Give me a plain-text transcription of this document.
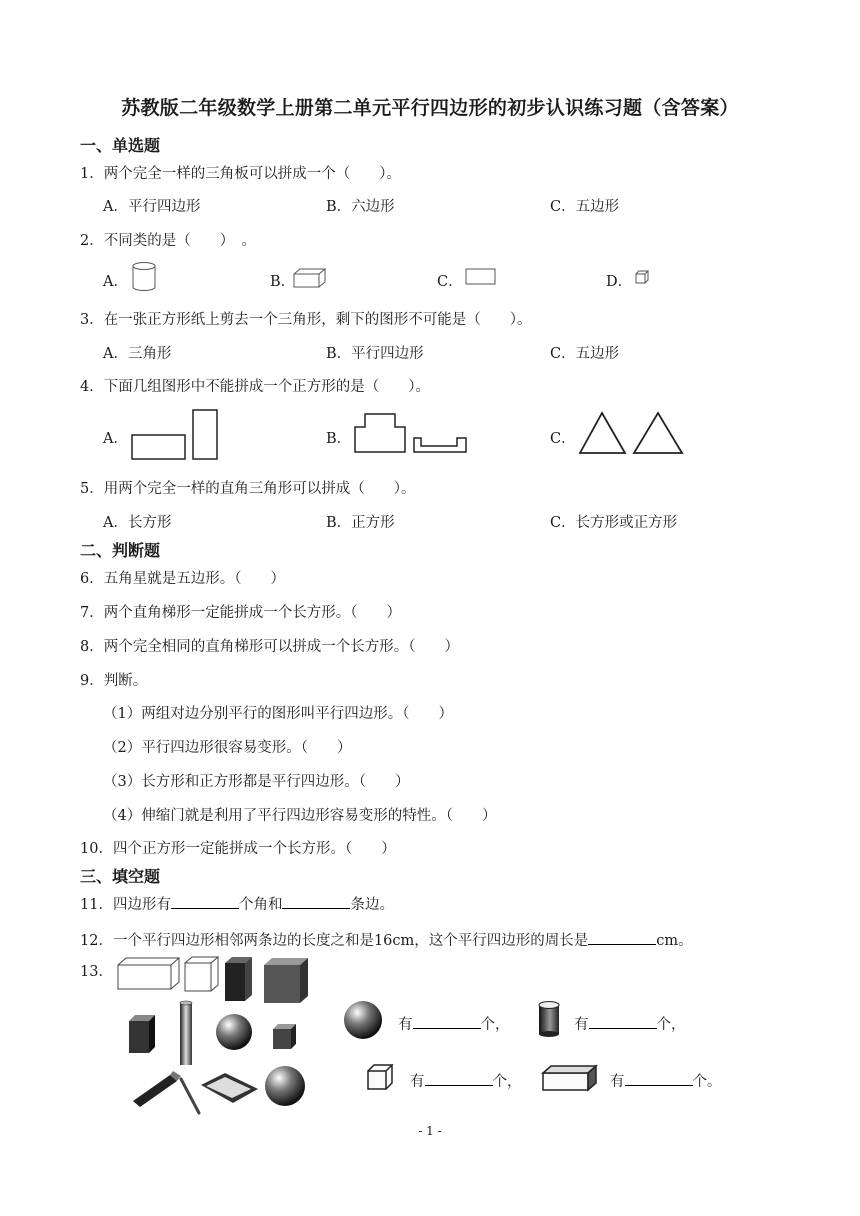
苏教版二年级数学上册第二单元平行四边形的初步认识练习题（含答案）
一、单选题
1．两个完全一样的三角板可以拼成一个（　　）。
A．平行四边形	B．六边形	C．五边形
2．不同类的是（　　）　。
A．	B．	C．	D．
3．在一张正方形纸上剪去一个三角形，剩下的图形不可能是（　　）。
A．三角形	B．平行四边形	C．五边形
4．下面几组图形中不能拼成一个正方形的是（　　）。
A．	B．	C．
5．用两个完全一样的直角三角形可以拼成（　　）。
A．长方形	B．正方形	C．长方形或正方形
二、判断题
6．五角星就是五边形。（　　）
7．两个直角梯形一定能拼成一个长方形。（　　）
8．两个完全相同的直角梯形可以拼成一个长方形。（　　）
9．判断。
（1）两组对边分别平行的图形叫平行四边形。（　　）
（2）平行四边形很容易变形。（　　）
（3）长方形和正方形都是平行四边形。（　　）
（4）伸缩门就是利用了平行四边形容易变形的特性。（　　）
10．四个正方形一定能拼成一个长方形。（　　）
三、填空题
11．四边形有	个角和	条边。
12．一个平行四边形相邻两条边的长度之和是16cm，这个平行四边形的周长是	cm。
13．
有	个，	有	个，
有	个，	有	个。
- 1 -
